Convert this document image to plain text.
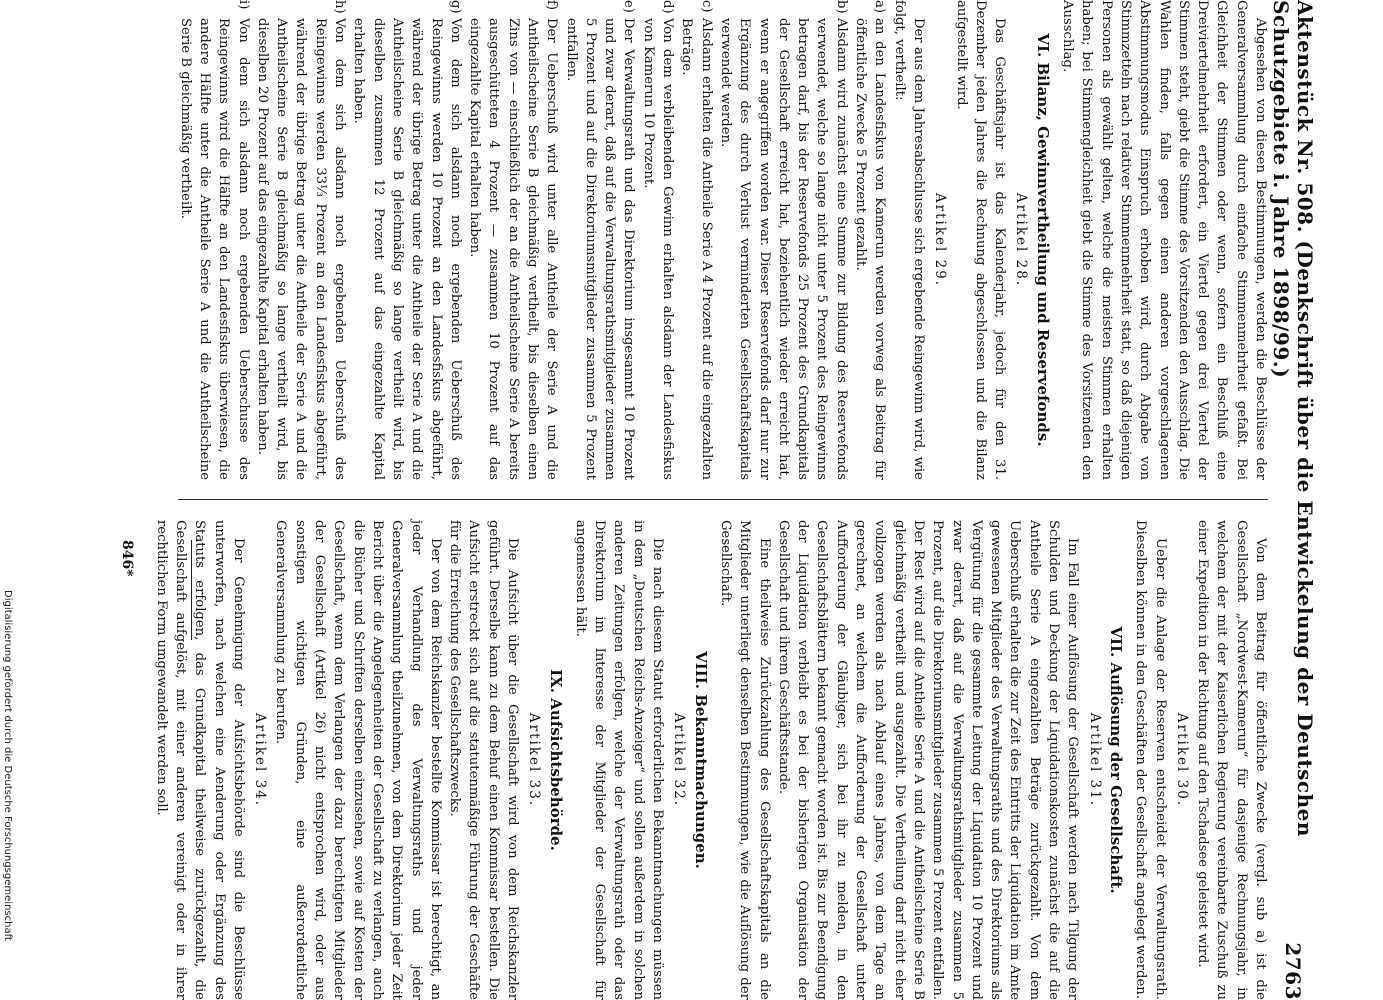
Digitalisierung gefördert durch die Deutsche Forschungsgemeinschaft	Aktenstück Nr. 508. (Denkschrift über die Entwickelung der Deutschen Schutzgebiete i. Jahre 1898/99.)
2763
Abgesehen von diesen Bestimmungen, werden die Beschlüsse der Generalversammlung durch einfache Stimmenmehrheit gefaßt. Bei Gleichheit der Stimmen oder wenn, sofern ein Beschluß eine Dreiviertelmehrheit erfordert, ein Viertel gegen drei Viertel der Stimmen steht, giebt die Stimme des Vorsitzenden den Ausschlag. Die Wahlen finden, falls gegen einen anderen vorgeschlagenen Abstimmungsmodus Einspruch erhoben wird, durch Abgabe von Stimmzetteln nach relativer Stimmenmehrheit statt, so daß diejenigen Personen als gewählt gelten, welche die meisten Stimmen erhalten haben; bei Stimmengleichheit giebt die Stimme des Vorsitzenden den Ausschlag.
VI. Bilanz, Gewinnvertheilung und Reservefonds.
Artikel 28.
Das Geschäftsjahr ist das Kalenderjahr, jedoch für den 31. Dezember jeden Jahres die Rechnung abgeschlossen und die Bilanz aufgestellt wird.
Artikel 29.
Der aus dem Jahresabschlusse sich ergebende Reingewinn wird, wie folgt, vertheilt:
a)
an den Landesfiskus von Kamerun werden vorweg als Beitrag für öffentliche Zwecke 5 Prozent gezahlt.
b)
Alsdann wird zunächst eine Summe zur Bildung des Reservefonds verwendet, welche so lange nicht unter 5 Prozent des Reingewinns betragen darf, bis der Reservefonds 25 Prozent des Grundkapitals der Gesellschaft erreicht hat, beziehentlich wieder erreicht hat, wenn er angegriffen worden war. Dieser Reservefonds darf nur zur Ergänzung des durch Verlust verminderten Gesellschaftskapitals verwendet werden.
c)
Alsdann erhalten die Antheile Serie A 4 Prozent auf die eingezahlten Beträge.
d)
Von dem verbleibenden Gewinn erhalten alsdann der Landesfiskus von Kamerun 10 Prozent.
e)
Der Verwaltungsrath und das Direktorium insgesammt 10 Prozent und zwar derart, daß auf die Verwaltungsrathsmitglieder zusammen 5 Prozent und auf die Direktoriumsmitglieder zusammen 5 Prozent entfallen.
f)
Der Ueberschuß wird unter alle Antheile der Serie A und die Antheilscheine Serie B gleichmäßig vertheilt, bis dieselben einen Zins von — einschließlich der an die Antheilscheine Serie A bereits ausgeschütteten 4 Prozent — zusammen 10 Prozent auf das eingezahlte Kapital erhalten haben.
g)
Von dem sich alsdann noch ergebenden Ueberschuß des Reingewinns werden 10 Prozent an den Landesfiskus abgeführt, während der übrige Betrag unter die Antheile der Serie A und die Antheilscheine Serie B gleichmäßig so lange vertheilt wird, bis dieselben zusammen 12 Prozent auf das eingezahlte Kapital erhalten haben.
h)
Von dem sich alsdann noch ergebenden Ueberschuß des Reingewinns werden 33⅓ Prozent an den Landesfiskus abgeführt, während der übrige Betrag unter die Antheile der Serie A und die Antheilscheine Serie B gleichmäßig so lange vertheilt wird, bis dieselben 20 Prozent auf das eingezahlte Kapital erhalten haben.
i)
Von dem sich alsdann noch ergebenden Ueberschusse des Reingewinns wird die Hälfte an den Landesfiskus überwiesen, die andere Hälfte unter die Antheile Serie A und die Antheilscheine Serie B gleichmäßig vertheilt.
Von dem Beitrag für öffentliche Zwecke (vergl. sub a) ist die Gesellschaft „Nordwest-Kamerun“ für dasjenige Rechnungsjahr, in welchem der mit der Kaiserlichen Regierung vereinbarte Zuschuß zu einer Expedition in der Richtung auf den Tschadsee geleistet wird.
Artikel 30.
Ueber die Anlage der Reserven entscheidet der Verwaltungsrath. Dieselben können in den Geschäften der Gesellschaft angelegt werden.
VII. Auflösung der Gesellschaft.
Artikel 31.
Im Fall einer Auflösung der Gesellschaft werden nach Tilgung der Schulden und Deckung der Liquidationskosten zunächst die auf die Antheile Serie A eingezahlten Beträge zurückgezahlt. Von dem Ueberschuß erhalten die zur Zeit des Eintritts der Liquidation im Amte gewesenen Mitglieder des Verwaltungsraths und des Direktoriums als Vergütung für die gesammte Leitung der Liquidation 10 Prozent und zwar derart, daß auf die Verwaltungsrathsmitglieder zusammen 5 Prozent, auf die Direktoriumsmitglieder zusammen 5 Prozent entfallen. Der Rest wird auf die Antheile Serie A und die Antheilscheine Serie B gleichmäßig vertheilt und ausgezahlt. Die Vertheilung darf nicht eher vollzogen werden als nach Ablauf eines Jahres, von dem Tage an gerechnet, an welchem die Aufforderung der Gesellschaft unter Aufforderung der Gläubiger, sich bei ihr zu melden, in den Gesellschaftsblättern bekannt gemacht worden ist. Bis zur Beendigung der Liquidation verbleibt es bei der bisherigen Organisation der Gesellschaft und ihrem Geschäftsstande.
Eine theilweise Zurückzahlung des Gesellschaftskapitals an die Mitglieder unterliegt denselben Bestimmungen, wie die Auflösung der Gesellschaft.
VIII. Bekanntmachungen.
Artikel 32.
Die nach diesem Statut erforderlichen Bekanntmachungen müssen in dem „Deutschen Reichs-Anzeiger“ und sollen außerdem in solchen anderen Zeitungen erfolgen, welche der Verwaltungsrath oder das Direktorium im Interesse der Mitglieder der Gesellschaft für angemessen hält.
IX. Aufsichtsbehörde.
Artikel 33.
Die Aufsicht über die Gesellschaft wird von dem Reichskanzler geführt. Derselbe kann zu dem Behuf einen Kommissar bestellen. Die Aufsicht erstreckt sich auf die statutenmäßige Führung der Geschäfte für die Erreichung des Gesellschaftszwecks.
Der von dem Reichskanzler bestellte Kommissar ist berechtigt, an jeder Verhandlung des Verwaltungsraths und jeder Generalversammlung theilzunehmen, von dem Direktorium jeder Zeit Bericht über die Angelegenheiten der Gesellschaft zu verlangen, auch die Bücher und Schriften derselben einzusehen, sowie auf Kosten der Gesellschaft, wenn dem Verlangen der dazu berechtigten Mitglieder der Gesellschaft (Artikel 26) nicht entsprochen wird, oder aus sonstigen wichtigen Gründen, eine außerordentliche Generalversammlung zu berufen.
Artikel 34.
Der Genehmigung der Aufsichtsbehörde sind die Beschlüsse unterworfen, nach welchen eine Aenderung oder Ergänzung des Statuts erfolgen, das Grundkapital theilweise zurückgezahlt, die Gesellschaft aufgelöst, mit einer anderen vereinigt oder in ihrer rechtlichen Form umgewandelt werden soll.
846*
